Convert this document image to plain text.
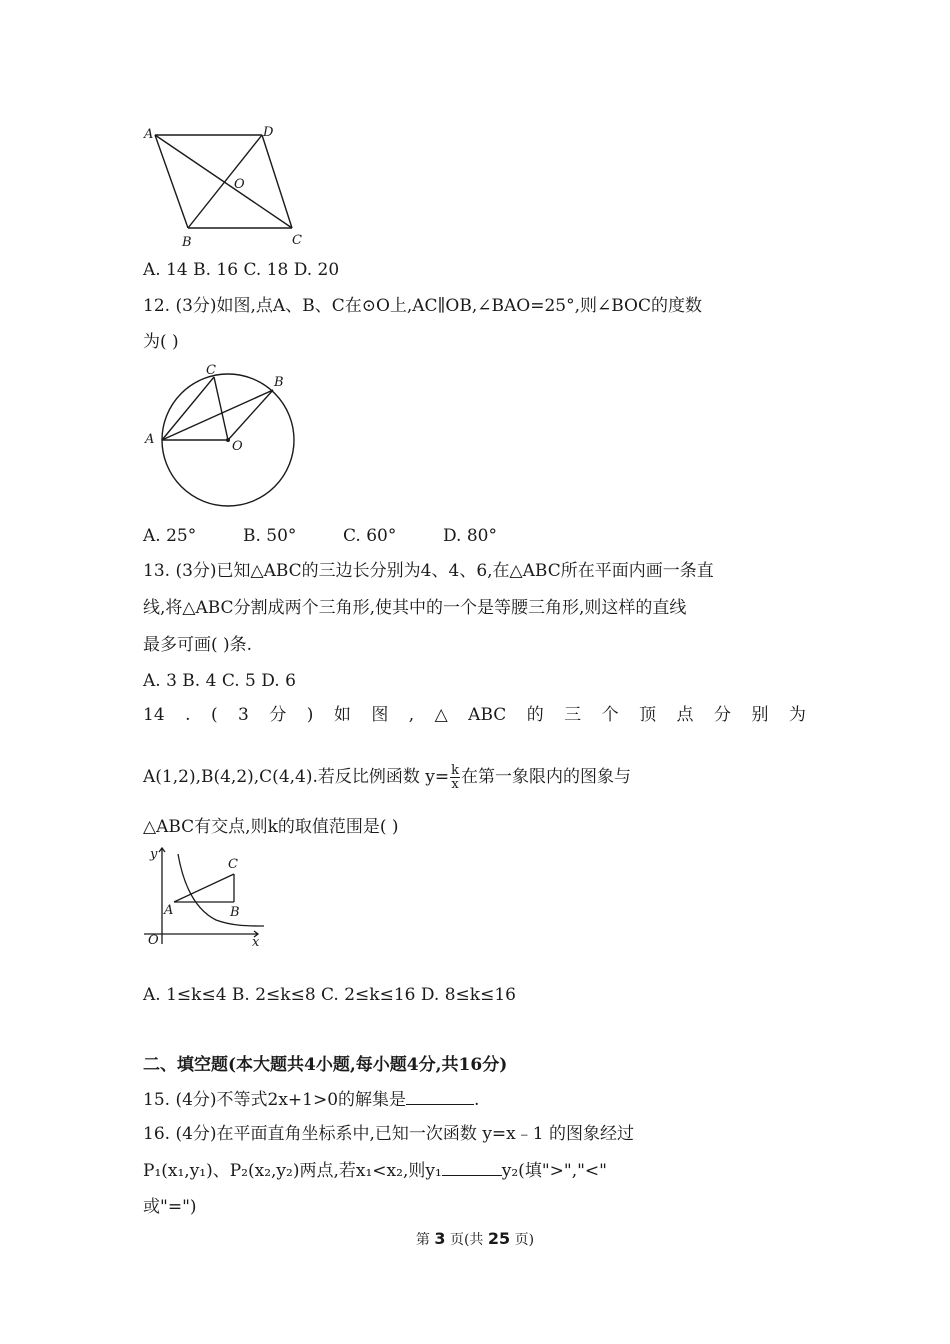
A	D
O
B	C
A. 14 B. 16 C. 18 D. 20
12. (3分)如图,点A、B、C在⊙O上,AC∥OB,∠BAO=25°,则∠BOC的度数
为( )
C
B
A	O
A. 25°	B. 50°	C. 60°	D. 80°
13. (3分)已知△ABC的三边长分别为4、4、6,在△ABC所在平面内画一条直
线,将△ABC分割成两个三角形,使其中的一个是等腰三角形,则这样的直线
最多可画( )条.
A. 3 B. 4 C. 5 D. 6
14 . ( 3 分 ) 如 图 , △ ABC 的 三 个 顶 点 分 别 为
A(1,2),B(4,2),C(4,4).若反比例函数 $y= \frac{k}{x}$ 在第一象限内的图象与
△ABC有交点,则k的取值范围是( )
y
x
O
A	B
C
A. 1≤k≤4 B. 2≤k≤8 C. 2≤k≤16 D. 8≤k≤16
二、填空题(本大题共4小题,每小题4分,共16分)
15. (4分)不等式2x+1>0的解集是	.
16. (4分)在平面直角坐标系中,已知一次函数 y=x﹣1 的图象经过
P₁(x₁,y₁)、P₂(x₂,y₂)两点,若x₁<x₂,则y₁	y₂(填">","<"
或"=")
第 3 页(共 25 页)
